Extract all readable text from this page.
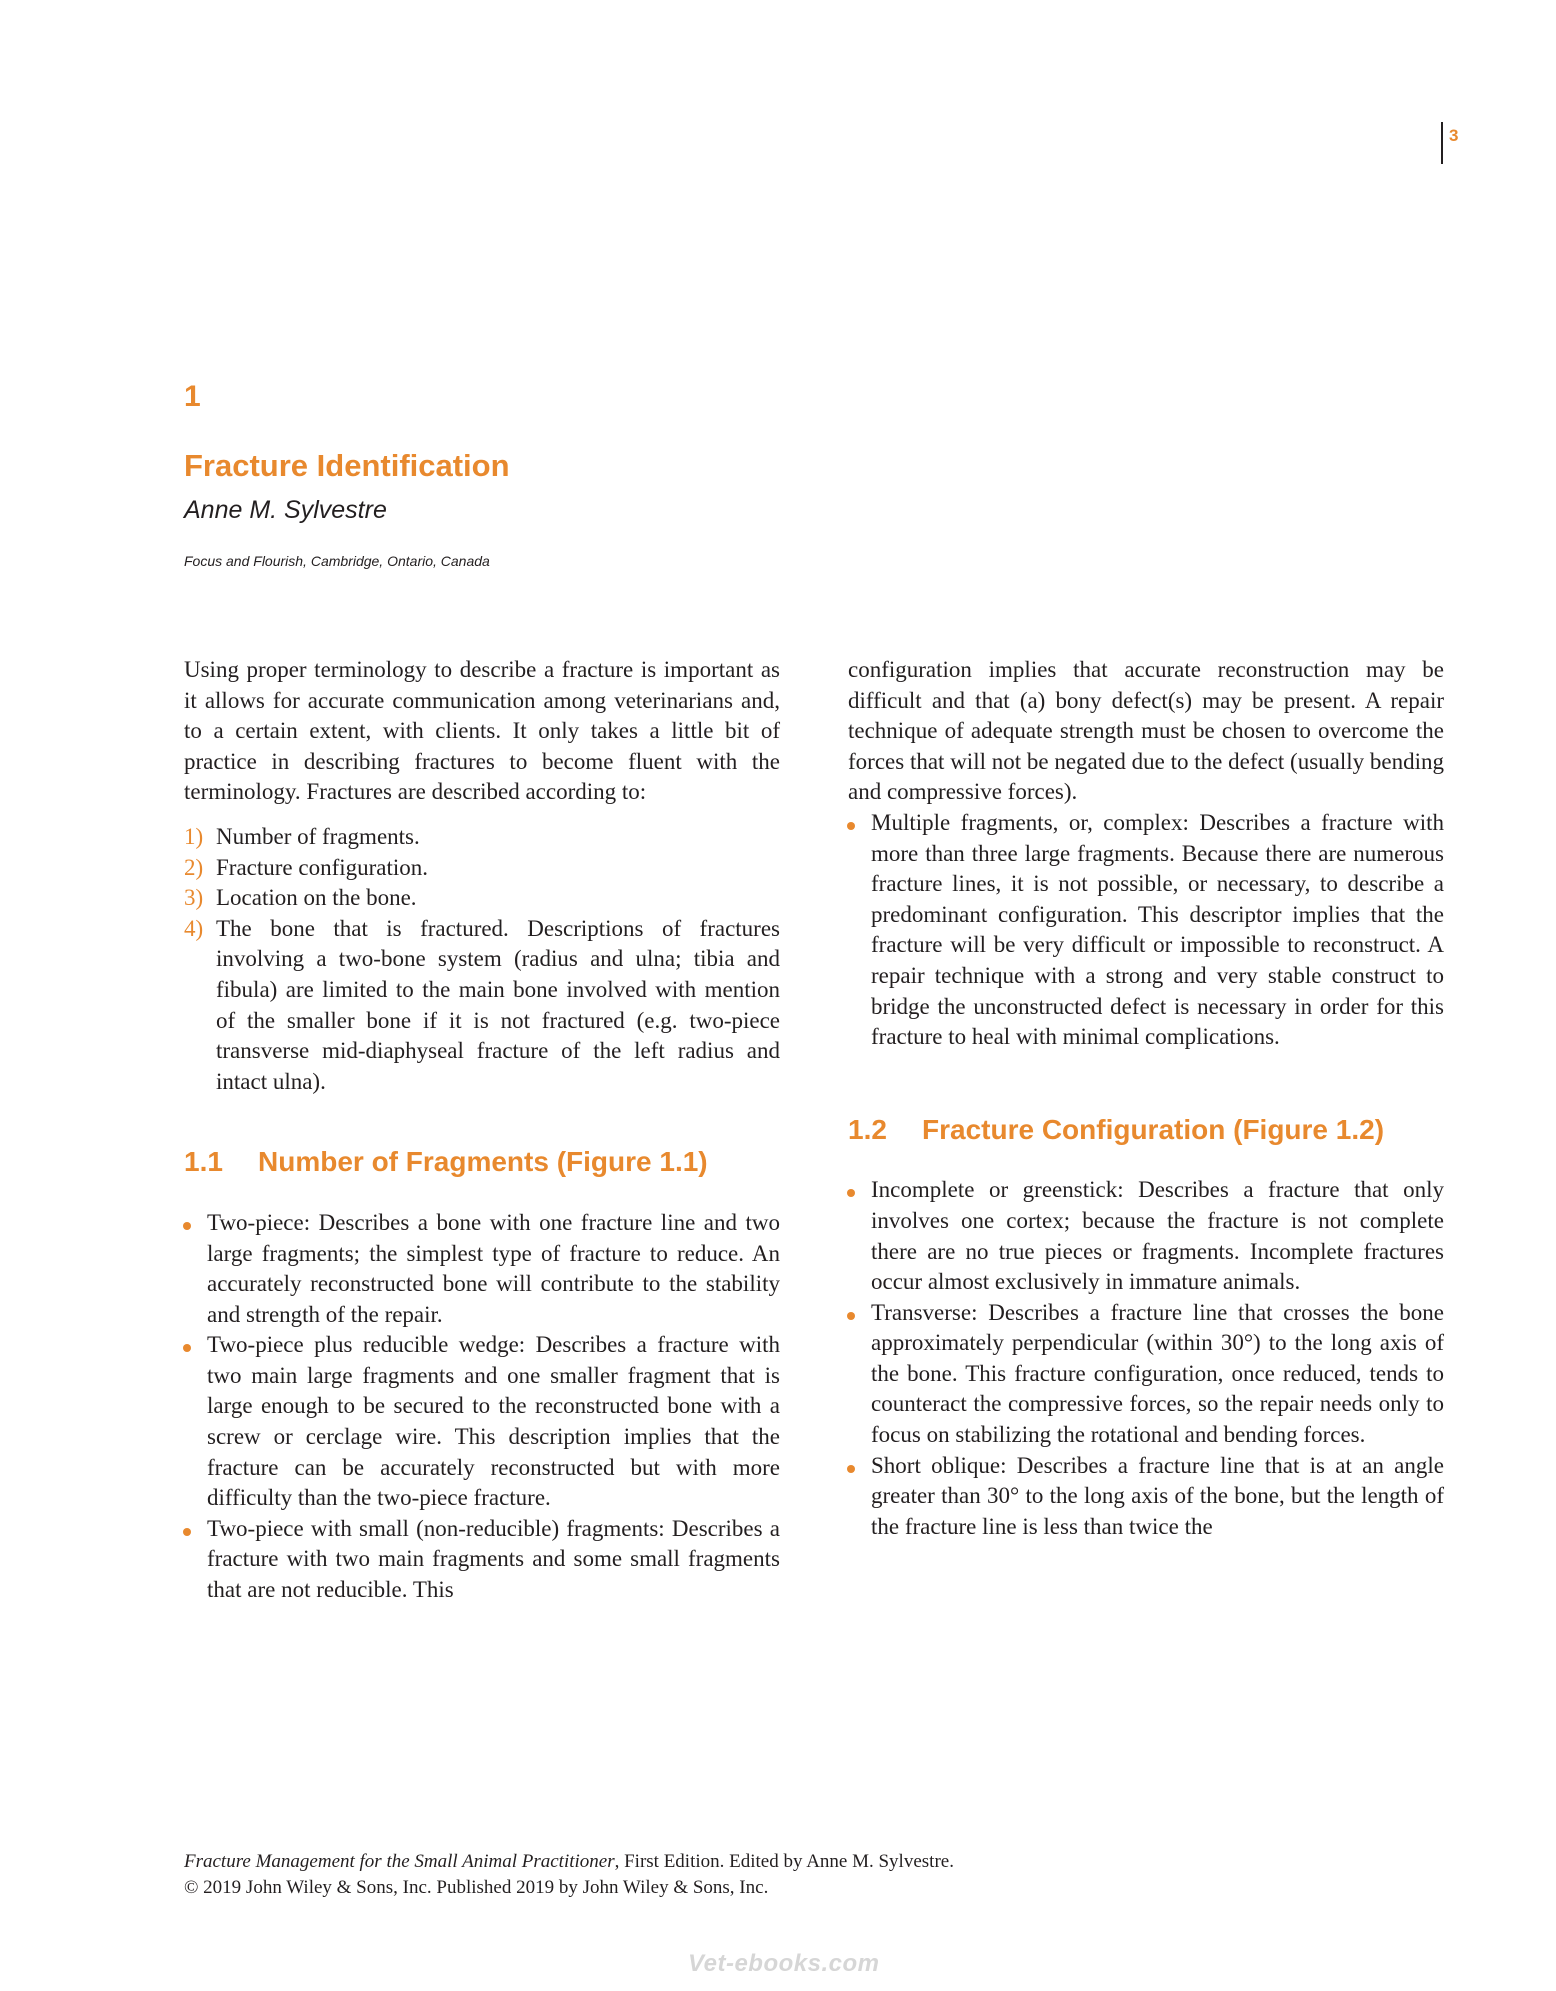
3
1
Fracture Identification
Anne M. Sylvestre
Focus and Flourish, Cambridge, Ontario, Canada

Using proper terminology to describe a fracture is important as it allows for accurate communication among veterinarians and, to a certain extent, with clients. It only takes a little bit of practice in describing fractures to become fluent with the terminology. Fractures are described according to:

1) Number of fragments.
2) Fracture configuration.
3) Location on the bone.
4) The bone that is fractured. Descriptions of fractures involving a two-bone system (radius and ulna; tibia and fibula) are limited to the main bone involved with mention of the smaller bone if it is not fractured (e.g. two-piece transverse mid-diaphyseal fracture of the left radius and intact ulna).
1.1 Number of Fragments (Figure 1.1)
Two-piece: Describes a bone with one fracture line and two large fragments; the simplest type of fracture to reduce. An accurately reconstructed bone will contribute to the stability and strength of the repair.
Two-piece plus reducible wedge: Describes a fracture with two main large fragments and one smaller fragment that is large enough to be secured to the reconstructed bone with a screw or cerclage wire. This description implies that the fracture can be accurately reconstructed but with more difficulty than the two-piece fracture.
Two-piece with small (non-reducible) fragments: Describes a fracture with two main fragments and some small fragments that are not reducible. This

configuration implies that accurate reconstruction may be difficult and that (a) bony defect(s) may be present. A repair technique of adequate strength must be chosen to overcome the forces that will not be negated due to the defect (usually bending and compressive forces).

Multiple fragments, or, complex: Describes a fracture with more than three large fragments. Because there are numerous fracture lines, it is not possible, or necessary, to describe a predominant configuration. This descriptor implies that the fracture will be very difficult or impossible to reconstruct. A repair technique with a strong and very stable construct to bridge the unconstructed defect is necessary in order for this fracture to heal with minimal complications.
1.2 Fracture Configuration (Figure 1.2)
Incomplete or greenstick: Describes a fracture that only involves one cortex; because the fracture is not complete there are no true pieces or fragments. Incomplete fractures occur almost exclusively in immature animals.
Transverse: Describes a fracture line that crosses the bone approximately perpendicular (within 30°) to the long axis of the bone. This fracture configuration, once reduced, tends to counteract the compressive forces, so the repair needs only to focus on stabilizing the rotational and bending forces.
Short oblique: Describes a fracture line that is at an angle greater than 30° to the long axis of the bone, but the length of the fracture line is less than twice the
Fracture Management for the Small Animal Practitioner, First Edition. Edited by Anne M. Sylvestre.
© 2019 John Wiley & Sons, Inc. Published 2019 by John Wiley & Sons, Inc.
Vet-ebooks.com
